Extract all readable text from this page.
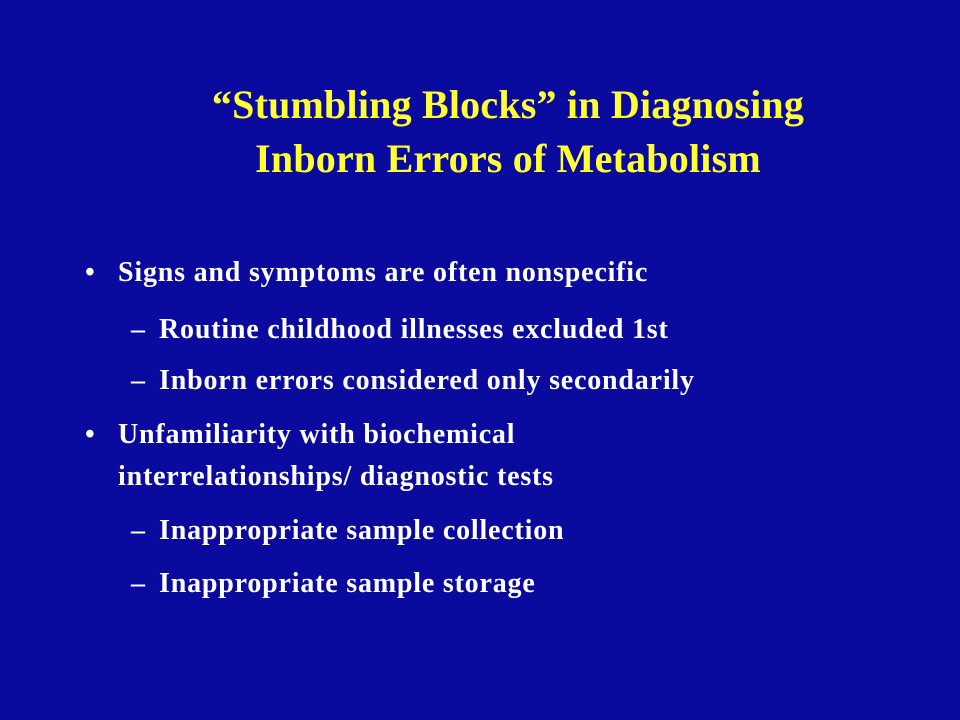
“Stumbling Blocks” in Diagnosing
Inborn Errors of Metabolism
• Signs and symptoms are often nonspecific
– Routine childhood illnesses excluded 1st
– Inborn errors considered only secondarily
• Unfamiliarity with biochemical
interrelationships/ diagnostic tests
– Inappropriate sample collection
– Inappropriate sample storage
